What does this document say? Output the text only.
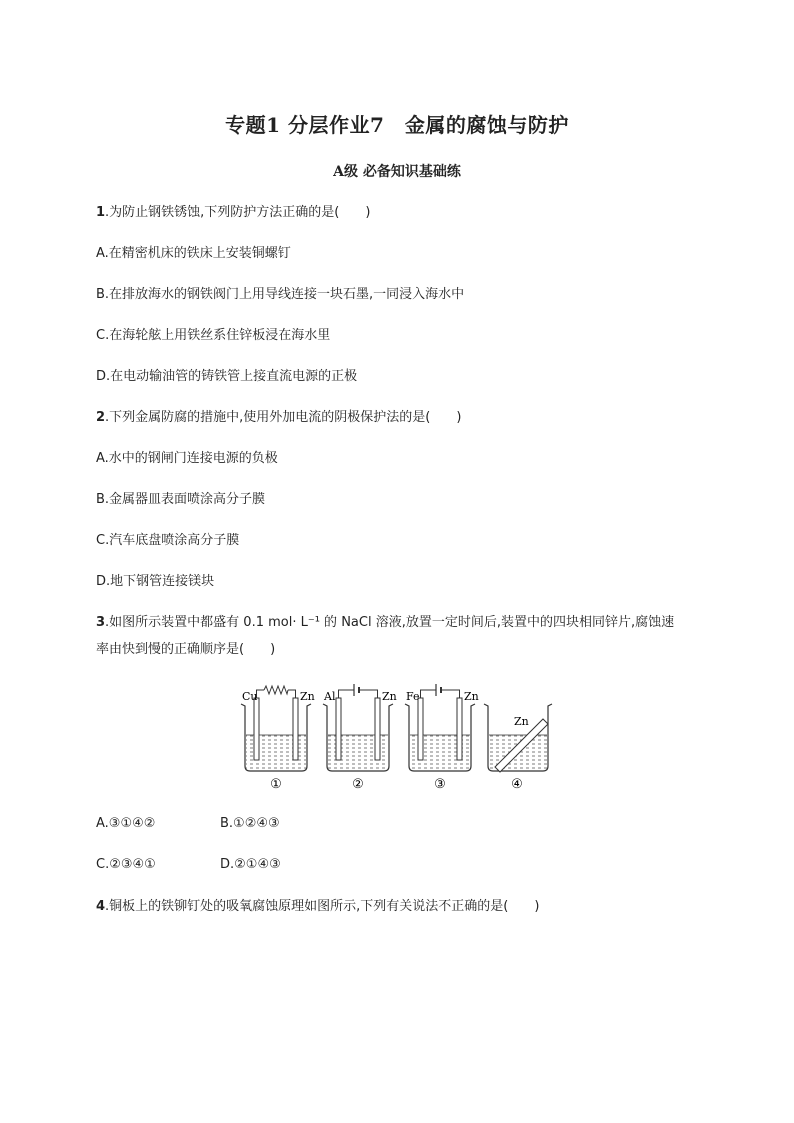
专题1 分层作业7　金属的腐蚀与防护
A级 必备知识基础练
1.为防止钢铁锈蚀,下列防护方法正确的是(　　)
A.在精密机床的铁床上安装铜螺钉
B.在排放海水的钢铁阀门上用导线连接一块石墨,一同浸入海水中
C.在海轮舷上用铁丝系住锌板浸在海水里
D.在电动输油管的铸铁管上接直流电源的正极
2.下列金属防腐的措施中,使用外加电流的阴极保护法的是(　　)
A.水中的钢闸门连接电源的负极
B.金属器皿表面喷涂高分子膜
C.汽车底盘喷涂高分子膜
D.地下钢管连接镁块
3.如图所示装置中都盛有 0.1 mol· L⁻¹ 的 NaCl 溶液,放置一定时间后,装置中的四块相同锌片,腐蚀速
率由快到慢的正确顺序是(　　)
Cu	Zn
①
Al	Zn
②
Fe	Zn
③
Zn
④
A.③①④②	B.①②④③
C.②③④①	D.②①④③
4.铜板上的铁铆钉处的吸氧腐蚀原理如图所示,下列有关说法不正确的是(　　)
